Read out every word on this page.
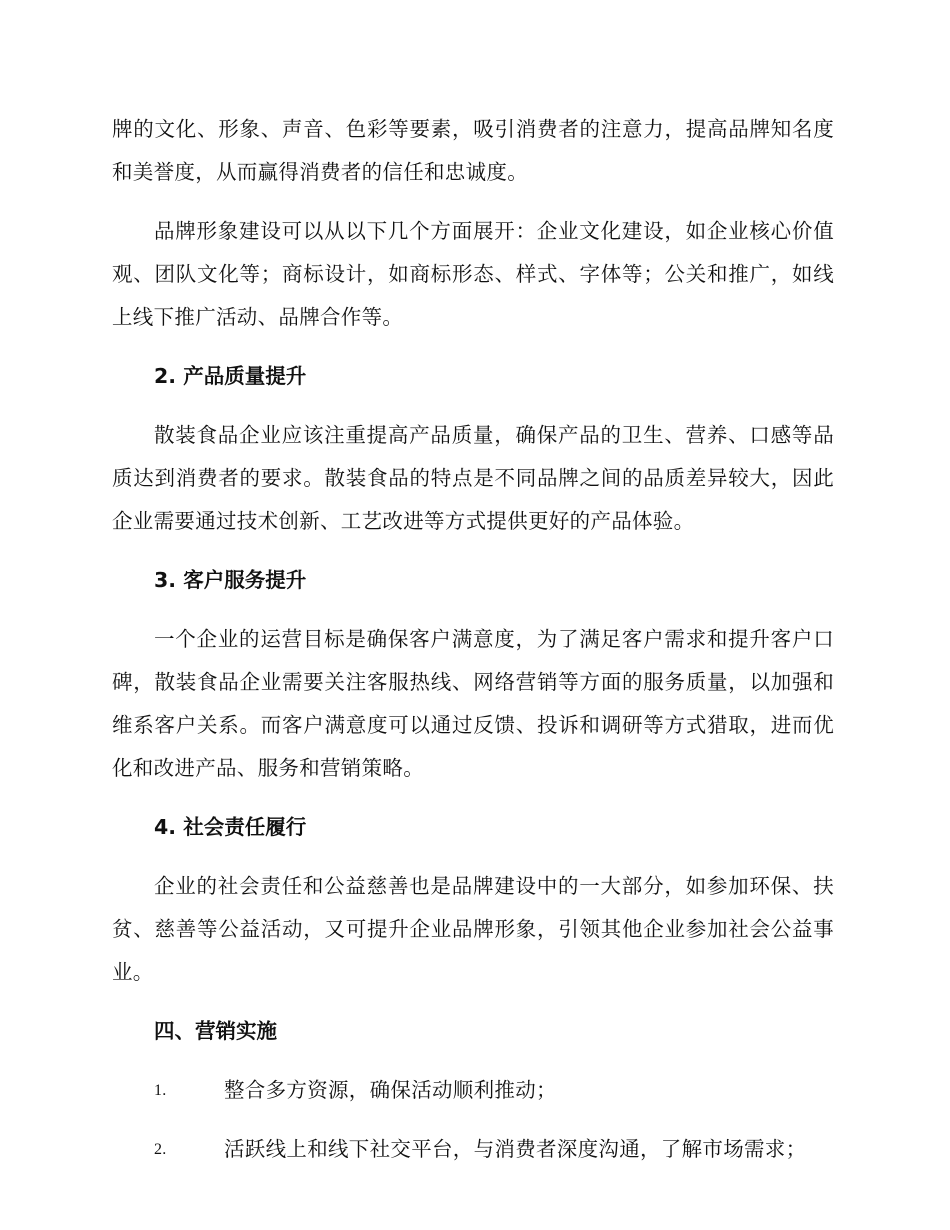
牌的文化、形象、声音、色彩等要素，吸引消费者的注意力，提高品牌知名度和美誉度，从而赢得消费者的信任和忠诚度。

品牌形象建设可以从以下几个方面展开：企业文化建设，如企业核心价值观、团队文化等；商标设计，如商标形态、样式、字体等；公关和推广，如线上线下推广活动、品牌合作等。

2. 产品质量提升

散装食品企业应该注重提高产品质量，确保产品的卫生、营养、口感等品质达到消费者的要求。散装食品的特点是不同品牌之间的品质差异较大，因此企业需要通过技术创新、工艺改进等方式提供更好的产品体验。

3. 客户服务提升

一个企业的运营目标是确保客户满意度，为了满足客户需求和提升客户口碑，散装食品企业需要关注客服热线、网络营销等方面的服务质量，以加强和维系客户关系。而客户满意度可以通过反馈、投诉和调研等方式猎取，进而优化和改进产品、服务和营销策略。

4. 社会责任履行

企业的社会责任和公益慈善也是品牌建设中的一大部分，如参加环保、扶贫、慈善等公益活动，又可提升企业品牌形象，引领其他企业参加社会公益事业。

四、营销实施
1.	整合多方资源，确保活动顺利推动；
2.	活跃线上和线下社交平台，与消费者深度沟通，了解市场需求；
